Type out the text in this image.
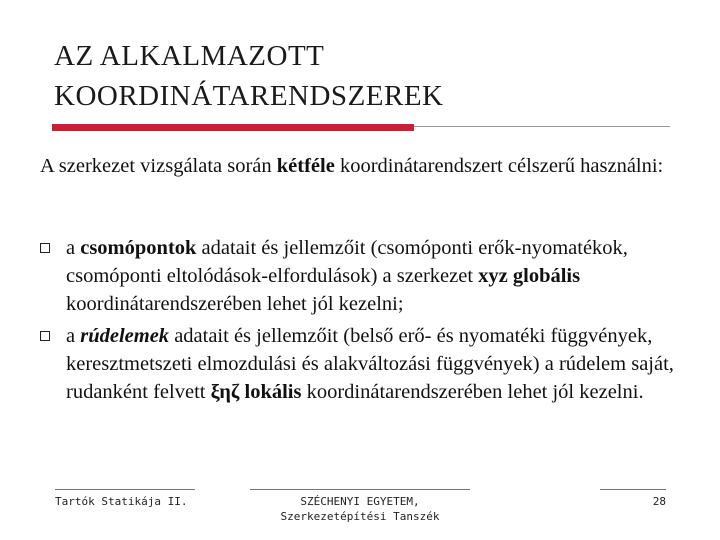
AZ ALKALMAZOTT
KOORDINÁTARENDSZEREK

A szerkezet vizsgálata során kétféle koordinátarendszert célszerű használni:

a csomópontok adatait és jellemzőit (csomóponti erők-nyomatékok, csomóponti eltolódások-elfordulások) a szerkezet xyz globális koordinátarendszerében lehet jól kezelni;
a rúdelemek adatait és jellemzőit (belső erő- és nyomatéki függvények, keresztmetszeti elmozdulási és alakváltozási függvények) a rúdelem saját, rudanként felvett ξηζ lokális koordinátarendszerében lehet jól kezelni.
Tartók Statikája II.	SZÉCHENYI EGYETEM,
Szerkezetépítési Tanszék
28
